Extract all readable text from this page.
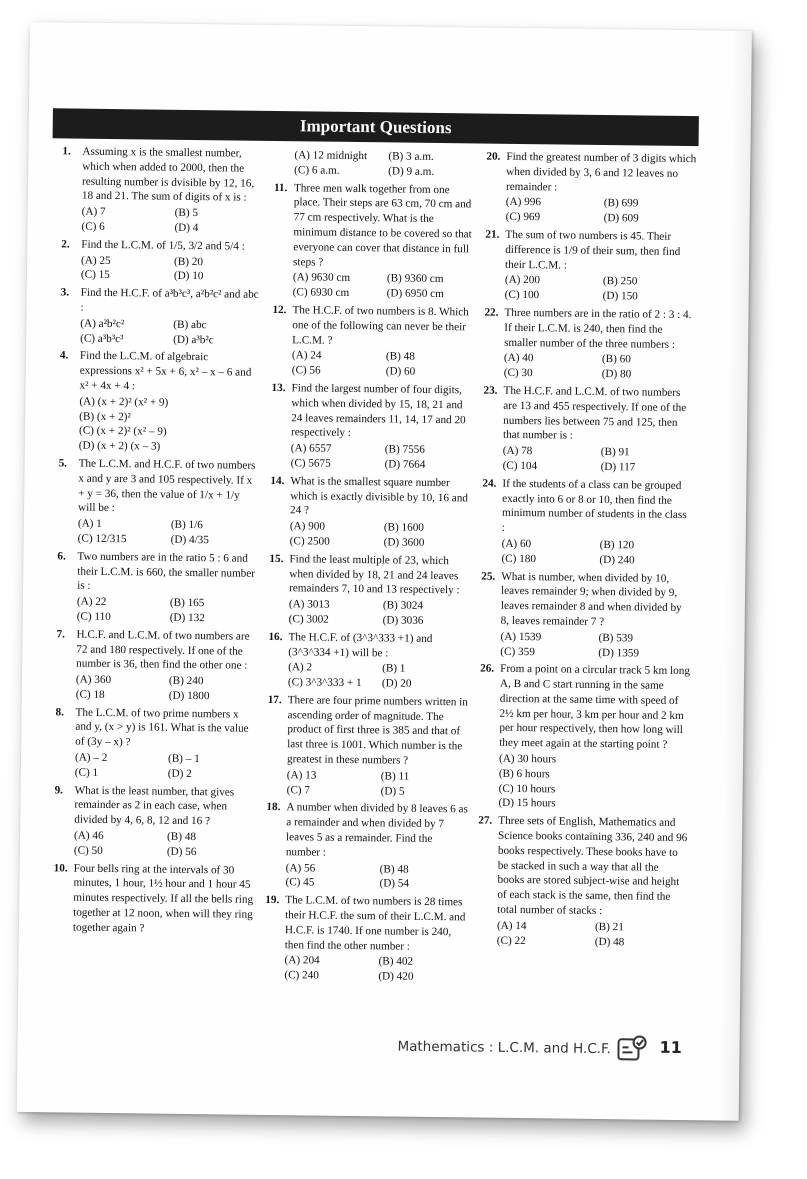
Important Questions
1. Assuming x is the smallest number, which when added to 2000, then the resulting number is dvisible by 12, 16, 18 and 21. The sum of digits of x is :
(A) 7	(B) 5
(C) 6	(D) 4
2. Find the L.C.M. of 1/5, 3/2 and 5/4 :
(A) 25	(B) 20
(C) 15	(D) 10
3. Find the H.C.F. of a³b³c³, a²b²c² and abc :
(A) a²b²c²	(B) abc
(C) a³b³c³	(D) a³b²c
4. Find the L.C.M. of algebraic expressions x² + 5x + 6, x² – x – 6 and x² + 4x + 4 :
(A) (x + 2)² (x² + 9)
(B) (x + 2)²
(C) (x + 2)² (x² – 9)
(D) (x + 2) (x – 3)
5. The L.C.M. and H.C.F. of two numbers x and y are 3 and 105 respectively. If x + y = 36, then the value of 1/x + 1/y will be :
(A) 1	(B) 1/6
(C) 12/315	(D) 4/35
6. Two numbers are in the ratio 5 : 6 and their L.C.M. is 660, the smaller number is :
(A) 22	(B) 165
(C) 110	(D) 132
7. H.C.F. and L.C.M. of two numbers are 72 and 180 respectively. If one of the number is 36, then find the other one :
(A) 360	(B) 240
(C) 18	(D) 1800
8. The L.C.M. of two prime numbers x and y, (x > y) is 161. What is the value of (3y – x) ?
(A) – 2	(B) – 1
(C) 1	(D) 2
9. What is the least number, that gives remainder as 2 in each case, when divided by 4, 6, 8, 12 and 16 ?
(A) 46	(B) 48
(C) 50	(D) 56
10. Four bells ring at the intervals of 30 minutes, 1 hour, 1½ hour and 1 hour 45 minutes respectively. If all the bells ring together at 12 noon, when will they ring together again ?
(A) 12 midnight	(B) 3 a.m.
(C) 6 a.m.	(D) 9 a.m.
11. Three men walk together from one place. Their steps are 63 cm, 70 cm and 77 cm respectively. What is the minimum distance to be covered so that everyone can cover that distance in full steps ?
(A) 9630 cm	(B) 9360 cm
(C) 6930 cm	(D) 6950 cm
12. The H.C.F. of two numbers is 8. Which one of the following can never be their L.C.M. ?
(A) 24	(B) 48
(C) 56	(D) 60
13. Find the largest number of four digits, which when divided by 15, 18, 21 and 24 leaves remainders 11, 14, 17 and 20 respectively :
(A) 6557	(B) 7556
(C) 5675	(D) 7664
14. What is the smallest square number which is exactly divisible by 10, 16 and 24 ?
(A) 900	(B) 1600
(C) 2500	(D) 3600
15. Find the least multiple of 23, which when divided by 18, 21 and 24 leaves remainders 7, 10 and 13 respectively :
(A) 3013	(B) 3024
(C) 3002	(D) 3036
16. The H.C.F. of (3^3^333 +1) and (3^3^334 +1) will be :
(A) 2	(B) 1
(C) 3^3^333 + 1	(D) 20
17. There are four prime numbers written in ascending order of magnitude. The product of first three is 385 and that of last three is 1001. Which number is the greatest in these numbers ?
(A) 13	(B) 11
(C) 7	(D) 5
18. A number when divided by 8 leaves 6 as a remainder and when divided by 7 leaves 5 as a remainder. Find the number :
(A) 56	(B) 48
(C) 45	(D) 54
19. The L.C.M. of two numbers is 28 times their H.C.F. the sum of their L.C.M. and H.C.F. is 1740. If one number is 240, then find the other number :
(A) 204	(B) 402
(C) 240	(D) 420
20. Find the greatest number of 3 digits which when divided by 3, 6 and 12 leaves no remainder :
(A) 996	(B) 699
(C) 969	(D) 609
21. The sum of two numbers is 45. Their difference is 1/9 of their sum, then find their L.C.M. :
(A) 200	(B) 250
(C) 100	(D) 150
22. Three numbers are in the ratio of 2 : 3 : 4. If their L.C.M. is 240, then find the smaller number of the three numbers :
(A) 40	(B) 60
(C) 30	(D) 80
23. The H.C.F. and L.C.M. of two numbers are 13 and 455 respectively. If one of the numbers lies between 75 and 125, then that number is :
(A) 78	(B) 91
(C) 104	(D) 117
24. If the students of a class can be grouped exactly into 6 or 8 or 10, then find the minimum number of students in the class :
(A) 60	(B) 120
(C) 180	(D) 240
25. What is number, when divided by 10, leaves remainder 9; when divided by 9, leaves remainder 8 and when divided by 8, leaves remainder 7 ?
(A) 1539	(B) 539
(C) 359	(D) 1359
26. From a point on a circular track 5 km long A, B and C start running in the same direction at the same time with speed of 2½ km per hour, 3 km per hour and 2 km per hour respectively, then how long will they meet again at the starting point ?
(A) 30 hours
(B) 6 hours
(C) 10 hours
(D) 15 hours
27. Three sets of English, Mathematics and Science books containing 336, 240 and 96 books respectively. These books have to be stacked in such a way that all the books are stored subject-wise and height of each stack is the same, then find the total number of stacks :
(A) 14	(B) 21
(C) 22	(D) 48
Mathematics : L.C.M. and H.C.F.	11
